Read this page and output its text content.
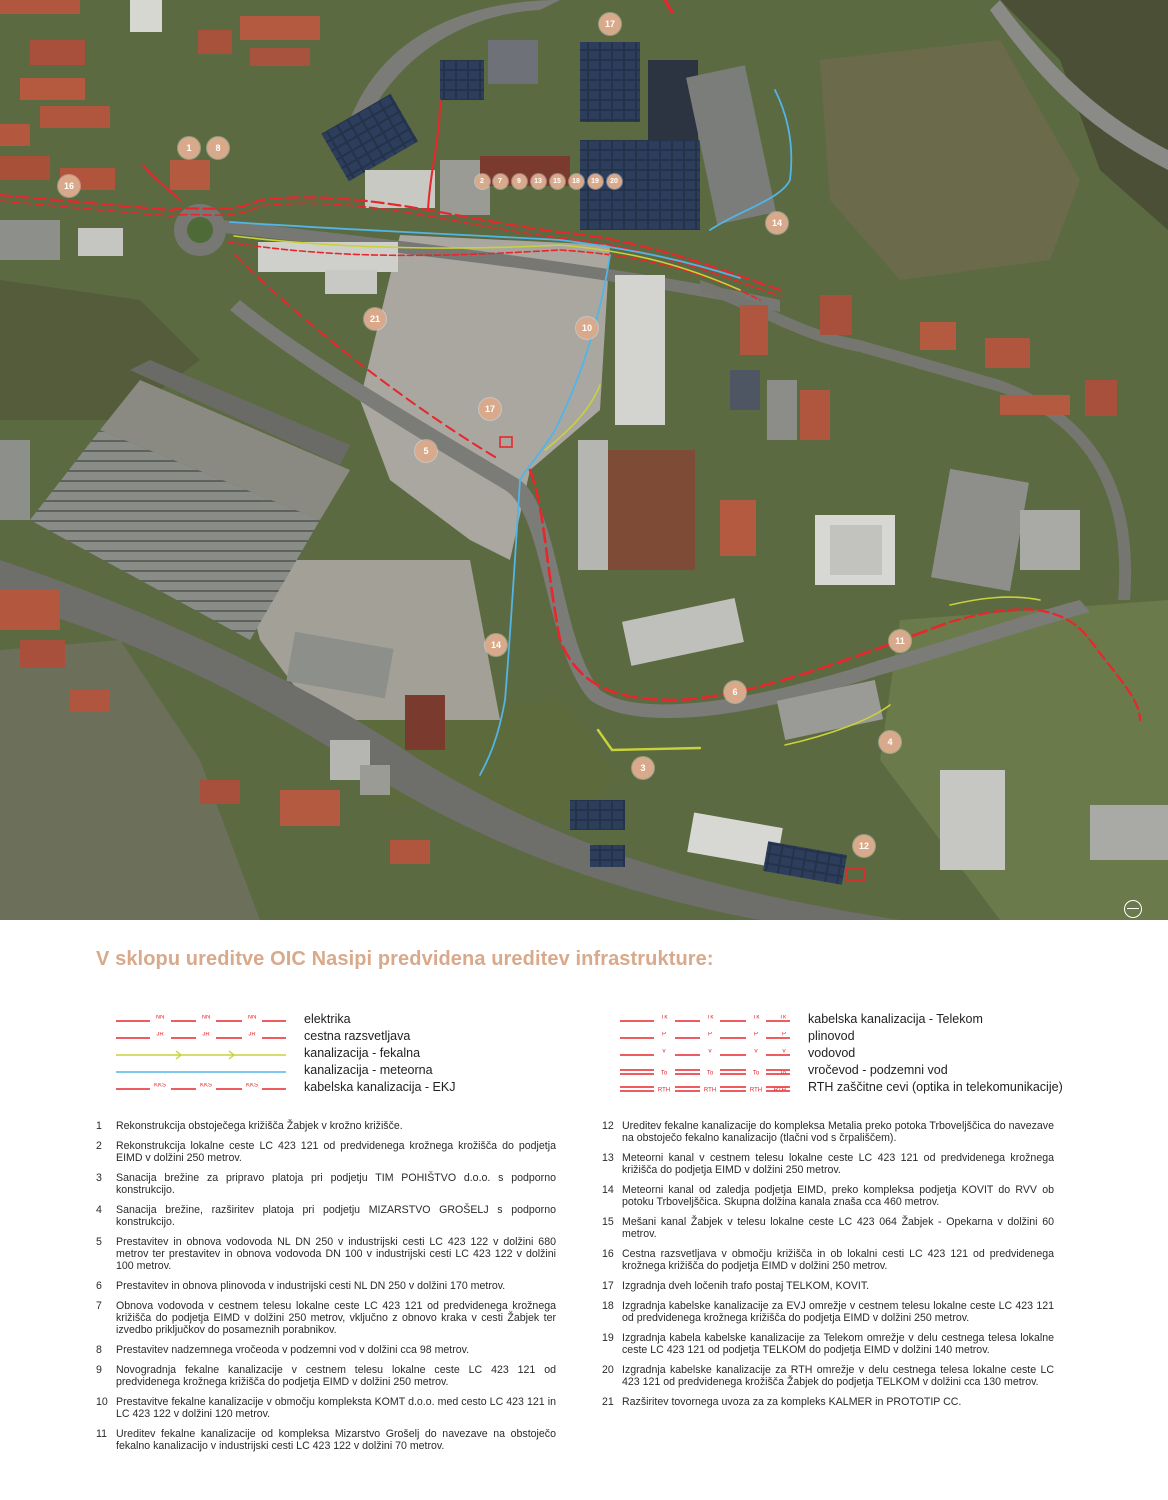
17
1	8
16	2	7	9	13	15	18	19	20
14
21
10
17
5
14	11
6
3
4
12
V sklopu ureditve OIC Nasipi predvidena ureditev infrastrukture:
NN	NN	NN	elektrika
JR	JR	JR	cestna razsvetljava
kanalizacija - fekalna
kanalizacija - meteorna
KKS	KKS	KKS	kabelska kanalizacija - EKJ
Tk	Tk	Tk	Tk kabelska kanalizacija - Telekom
P	P	P	P plinovod
V	V	V	V vodovod
To	To	To	To vročevod - podzemni vod
RTH	RTH	RTH RTH RTH zaščitne cevi (optika in telekomunikacije)
1	Rekonstrukcija obstoječega križišča Žabjek v krožno križišče.
2	Rekonstrukcija lokalne ceste LC 423 121 od predvidenega krožnega krožišča do podjetja EIMD v dolžini 250 metrov.
3	Sanacija brežine za pripravo platoja pri podjetju TIM POHIŠTVO d.o.o. s podporno konstrukcijo.
4	Sanacija brežine, razširitev platoja pri podjetju MIZARSTVO GROŠELJ s podporno konstrukcijo.
5	Prestavitev in obnova vodovoda NL DN 250 v industrijski cesti LC 423 122 v dolžini 680 metrov ter prestavitev in obnova vodovoda DN 100 v industrijski cesti LC 423 122 v dolžini 100 metrov.
6	Prestavitev in obnova plinovoda v industrijski cesti NL DN 250 v dolžini 170 metrov.
7	Obnova vodovoda v cestnem telesu lokalne ceste LC 423 121 od predvidenega krožnega križišča do podjetja EIMD v dolžini 250 metrov, vključno z obnovo kraka v cesti Žabjek ter izvedbo priključkov do posameznih porabnikov.
8	Prestavitev nadzemnega vročeoda v podzemni vod v dolžini cca 98 metrov.
9	Novogradnja fekalne kanalizacije v cestnem telesu lokalne ceste LC 423 121 od predvidenega krožnega križišča do podjetja EIMD v dolžini 250 metrov.
10 Prestavitve fekalne kanalizacije v območju kompleksta KOMT d.o.o. med cesto LC 423 121 in LC 423 122 v dolžini 120 metrov.
11 Ureditev fekalne kanalizacije od kompleksa Mizarstvo Grošelj do navezave na obstoječo fekalno kanalizacijo v industrijski cesti LC 423 122 v dolžini 70 metrov.
12 Ureditev fekalne kanalizacije do kompleksa Metalia preko potoka Trboveljščica do navezave na obstoječo fekalno kanalizacijo (tlačni vod s črpališčem).
13 Meteorni kanal v cestnem telesu lokalne ceste LC 423 121 od predvidenega krožnega križišča do podjetja EIMD v dolžini 250 metrov.
14 Meteorni kanal od zaledja podjetja EIMD, preko kompleksa podjetja KOVIT do RVV ob potoku Trboveljščica. Skupna dolžina kanala znaša cca 460 metrov.
15 Mešani kanal Žabjek v telesu lokalne ceste LC 423 064 Žabjek - Opekarna v dolžini 60 metrov.
16 Cestna razsvetljava v območju križišča in ob lokalni cesti LC 423 121 od predvidenega krožnega križišča do podjetja EIMD v dolžini 250 metrov.
17 Izgradnja dveh ločenih trafo postaj TELKOM, KOVIT.
18 Izgradnja kabelske kanalizacije za EVJ omrežje v cestnem telesu lokalne ceste LC 423 121 od predvidenega krožnega križišča do podjetja EIMD v dolžini 250 metrov.
19 Izgradnja kabela kabelske kanalizacije za Telekom omrežje v delu cestnega telesa lokalne ceste LC 423 121 od podjetja TELKOM do podjetja EIMD v dolžini 140 metrov.
20 Izgradnja kabelske kanalizacije za RTH omrežje v delu cestnega telesa lokalne ceste LC 423 121 od predvidenega krožišča Žabjek do podjetja TELKOM v dolžini cca 130 metrov.
21 Razširitev tovornega uvoza za za kompleks KALMER in PROTOTIP CC.
